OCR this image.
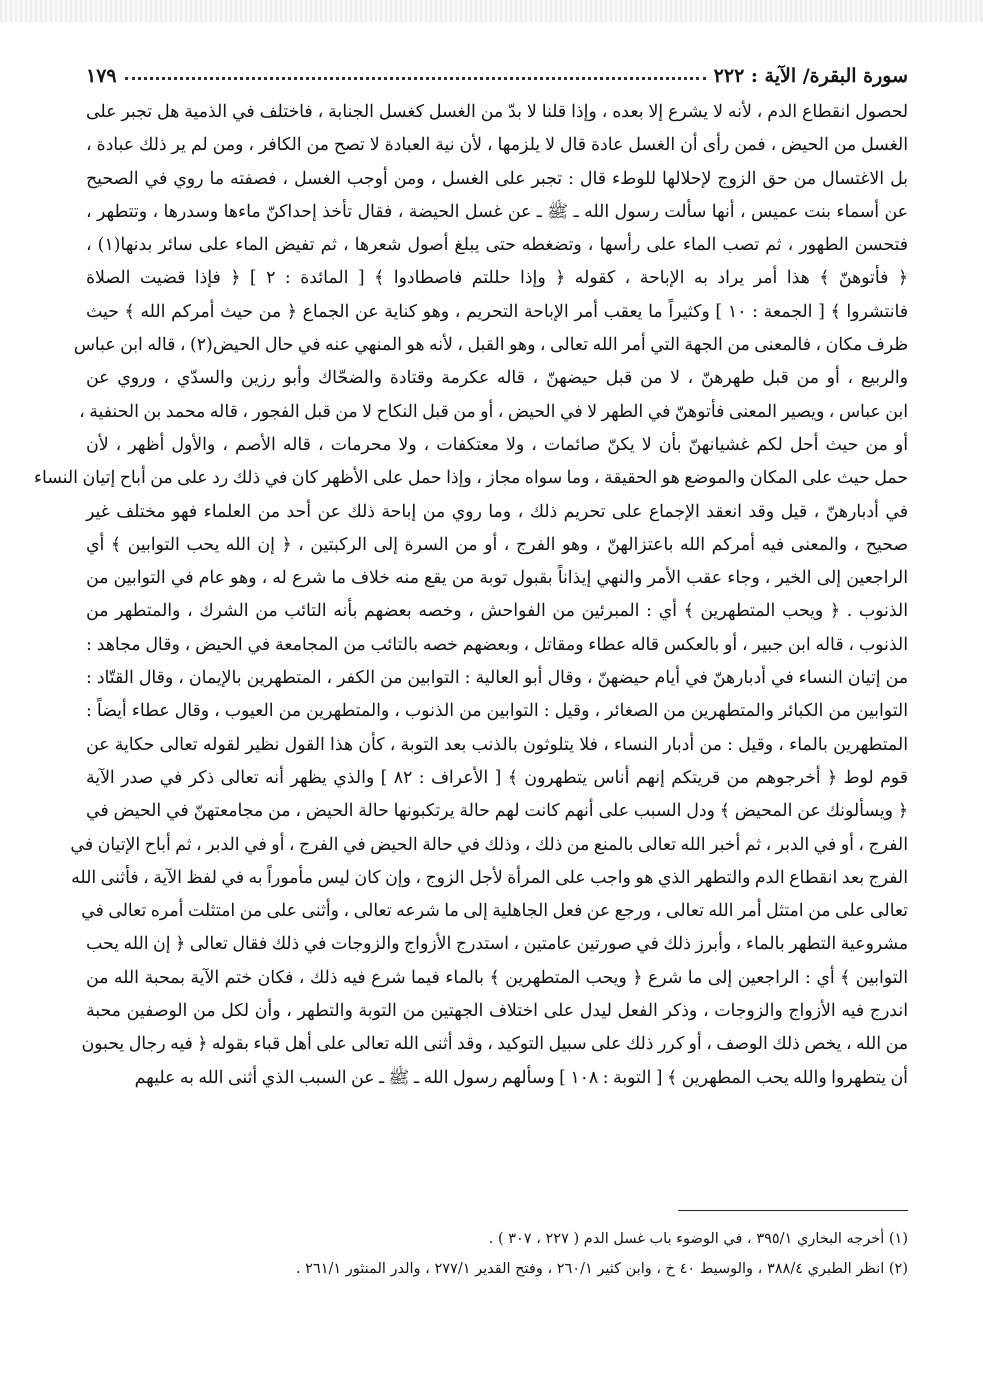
سورة البقرة/ الآية : ٢٢٢
١٧٩
لحصول انقطاع الدم ، لأنه لا يشرع إلا بعده ، وإذا قلنا لا بدّ من الغسل كغسل الجنابة ، فاختلف في الذمية هل تجبر على
الغسل من الحيض ، فمن رأى أن الغسل عادة قال لا يلزمها ، لأن نية العبادة لا تصح من الكافر ، ومن لم ير ذلك عبادة ،
بل الاغتسال من حق الزوج لإحلالها للوطء قال : تجبر على الغسل ، ومن أوجب الغسل ، فصفته ما روي في الصحيح
عن أسماء بنت عميس ، أنها سألت رسول الله ـ ﷺ ـ عن غسل الحيضة ، فقال تأخذ إحداكنّ ماءها وسدرها ، وتتطهر ،
فتحسن الطهور ، ثم تصب الماء على رأسها ، وتضغطه حتى يبلغ أصول شعرها ، ثم تفيض الماء على سائر بدنها(١) ،
﴿ فأتوهنّ ﴾ هذا أمر يراد به الإباحة ، كقوله ﴿ وإذا حللتم فاصطادوا ﴾ [ المائدة : ٢ ] ﴿ فإذا قضيت الصلاة
فانتشروا ﴾ [ الجمعة : ١٠ ] وكثيراً ما يعقب أمر الإباحة التحريم ، وهو كناية عن الجماع ﴿ من حيث أمركم الله ﴾ حيث
ظرف مكان ، فالمعنى من الجهة التي أمر الله تعالى ، وهو القبل ، لأنه هو المنهي عنه في حال الحيض(٢) ، قاله ابن عباس
والربيع ، أو من قبل طهرهنّ ، لا من قبل حيضهنّ ، قاله عكرمة وقتادة والضحّاك وأبو رزين والسدّي ، وروي عن
ابن عباس ، ويصير المعنى فأتوهنّ في الطهر لا في الحيض ، أو من قبل النكاح لا من قبل الفجور ، قاله محمد بن الحنفية ،
أو من حيث أحل لكم غشيانهنّ بأن لا يكنّ صائمات ، ولا معتكفات ، ولا محرمات ، قاله الأصم ، والأول أظهر ، لأن
حمل حيث على المكان والموضع هو الحقيقة ، وما سواه مجاز ، وإذا حمل على الأظهر كان في ذلك رد على من أباح إتيان النساء
في أدبارهنّ ، قيل وقد انعقد الإجماع على تحريم ذلك ، وما روي من إباحة ذلك عن أحد من العلماء فهو مختلف غير
صحيح ، والمعنى فيه أمركم الله باعتزالهنّ ، وهو الفرج ، أو من السرة إلى الركبتين ، ﴿ إن الله يحب التوابين ﴾ أي
الراجعين إلى الخير ، وجاء عقب الأمر والنهي إيذاناً بقبول توبة من يقع منه خلاف ما شرع له ، وهو عام في التوابين من
الذنوب . ﴿ ويحب المتطهرين ﴾ أي : المبرئين من الفواحش ، وخصه بعضهم بأنه التائب من الشرك ، والمتطهر من
الذنوب ، قاله ابن جبير ، أو بالعكس قاله عطاء ومقاتل ، وبعضهم خصه بالتائب من المجامعة في الحيض ، وقال مجاهد :
من إتيان النساء في أدبارهنّ في أيام حيضهنّ ، وقال أبو العالية : التوابين من الكفر ، المتطهرين بالإيمان ، وقال القتّاد :
التوابين من الكبائر والمتطهرين من الصغائر ، وقيل : التوابين من الذنوب ، والمتطهرين من العيوب ، وقال عطاء أيضاً :
المتطهرين بالماء ، وقيل : من أدبار النساء ، فلا يتلوثون بالذنب بعد التوبة ، كأن هذا القول نظير لقوله تعالى حكاية عن
قوم لوط ﴿ أخرجوهم من قريتكم إنهم أناس يتطهرون ﴾ [ الأعراف : ٨٢ ] والذي يظهر أنه تعالى ذكر في صدر الآية
﴿ ويسألونك عن المحيض ﴾ ودل السبب على أنهم كانت لهم حالة يرتكبونها حالة الحيض ، من مجامعتهنّ في الحيض في
الفرج ، أو في الدبر ، ثم أخبر الله تعالى بالمنع من ذلك ، وذلك في حالة الحيض في الفرج ، أو في الدبر ، ثم أباح الإتيان في
الفرج بعد انقطاع الدم والتطهر الذي هو واجب على المرأة لأجل الزوج ، وإن كان ليس مأموراً به في لفظ الآية ، فأثنى الله
تعالى على من امتثل أمر الله تعالى ، ورجع عن فعل الجاهلية إلى ما شرعه تعالى ، وأثنى على من امتثلت أمره تعالى في
مشروعية التطهر بالماء ، وأبرز ذلك في صورتين عامتين ، استدرج الأزواج والزوجات في ذلك فقال تعالى ﴿ إن الله يحب
التوابين ﴾ أي : الراجعين إلى ما شرع ﴿ ويحب المتطهرين ﴾ بالماء فيما شرع فيه ذلك ، فكان ختم الآية بمحبة الله من
اندرج فيه الأزواج والزوجات ، وذكر الفعل ليدل على اختلاف الجهتين من التوبة والتطهر ، وأن لكل من الوصفين محبة
من الله ، يخص ذلك الوصف ، أو كرر ذلك على سبيل التوكيد ، وقد أثنى الله تعالى على أهل قباء بقوله ﴿ فيه رجال يحبون
أن يتطهروا والله يحب المطهرين ﴾ [ التوبة : ١٠٨ ] وسألهم رسول الله ـ ﷺ ـ عن السبب الذي أثنى الله به عليهم
(١) أخرجه البخاري ٣٩٥/١ ، في الوضوء باب غسل الدم ( ٢٢٧ ، ٣٠٧ ) .
(٢) انظر الطبري ٣٨٨/٤ ، والوسيط ٤٠ خ ، وابن كثير ٢٦٠/١ ، وفتح القدير ٢٧٧/١ ، والدر المنثور ٢٦١/١ .
